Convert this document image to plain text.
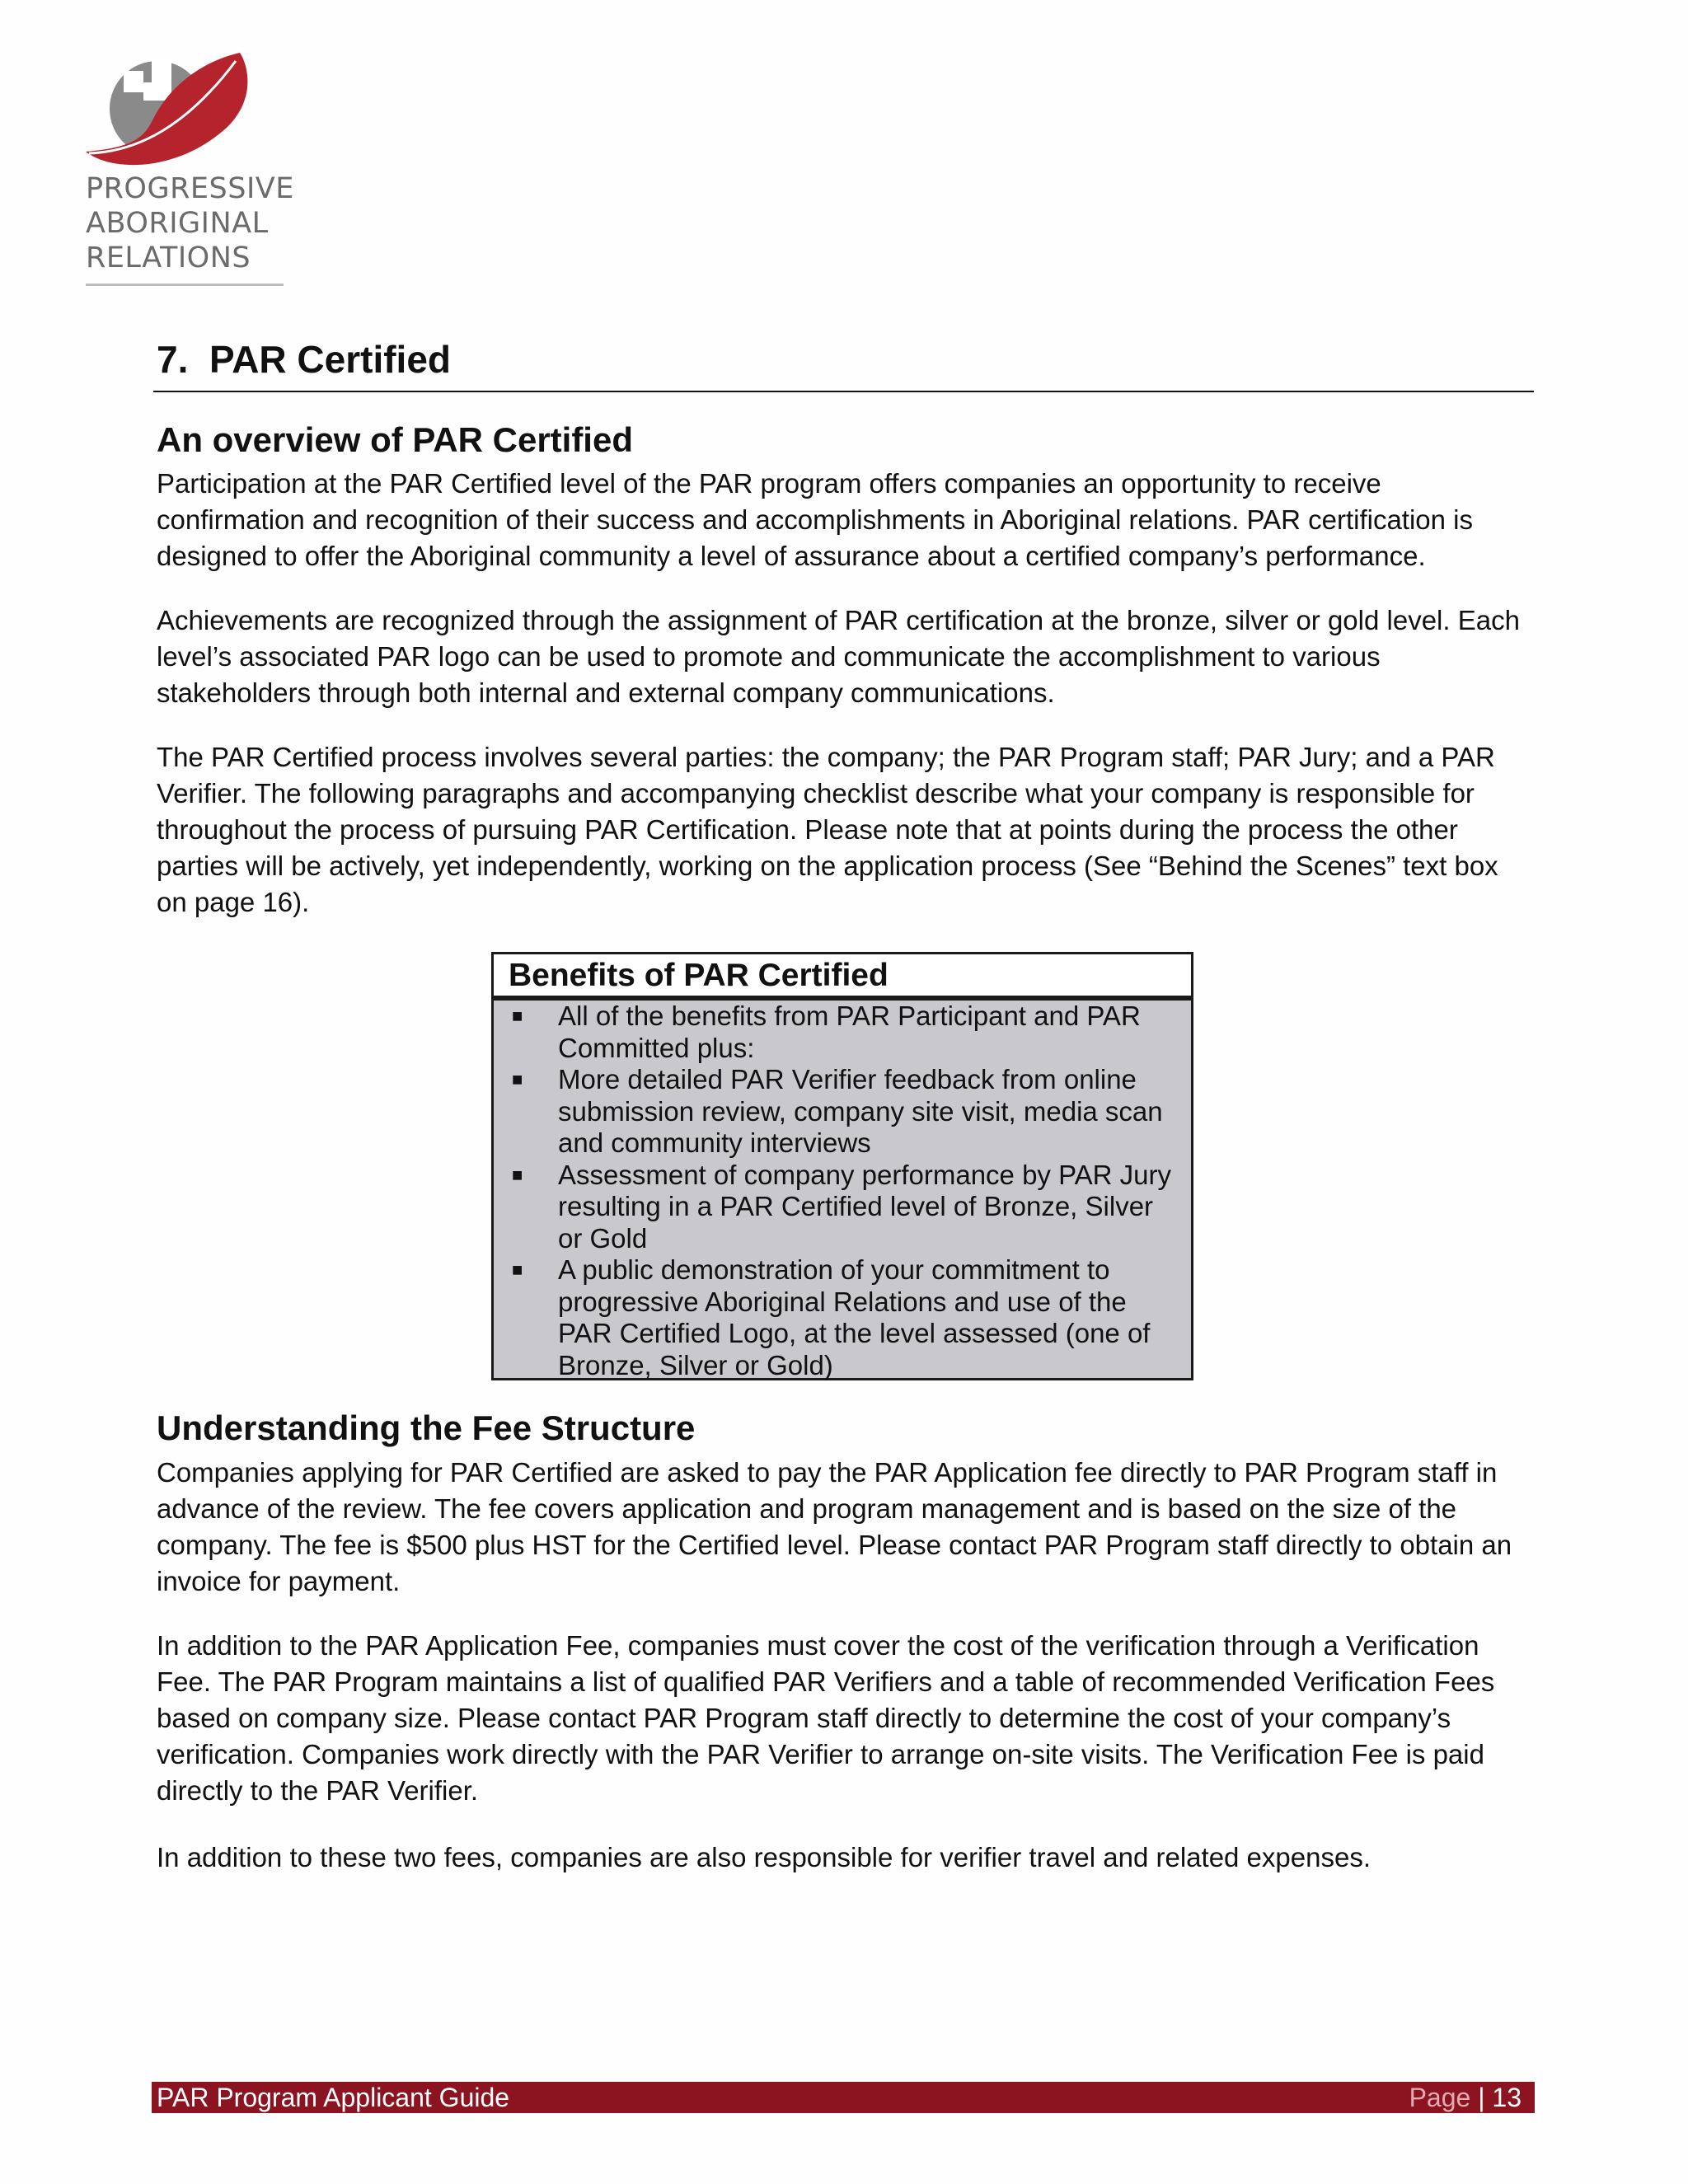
PROGRESSIVE
ABORIGINAL
RELATIONS
7. PAR Certified
An overview of PAR Certified

Participation at the PAR Certified level of the PAR program offers companies an opportunity to receive confirmation and recognition of their success and accomplishments in Aboriginal relations. PAR certification is designed to offer the Aboriginal community a level of assurance about a certified company’s performance.

Achievements are recognized through the assignment of PAR certification at the bronze, silver or gold level. Each level’s associated PAR logo can be used to promote and communicate the accomplishment to various stakeholders through both internal and external company communications.

The PAR Certified process involves several parties: the company; the PAR Program staff; PAR Jury; and a PAR Verifier. The following paragraphs and accompanying checklist describe what your company is responsible for throughout the process of pursuing PAR Certification. Please note that at points during the process the other parties will be actively, yet independently, working on the application process (See “Behind the Scenes” text box on page 16).

Benefits of PAR Certified
■ All of the benefits from PAR Participant and PAR Committed plus:
■ More detailed PAR Verifier feedback from online submission review, company site visit, media scan and community interviews
■ Assessment of company performance by PAR Jury resulting in a PAR Certified level of Bronze, Silver or Gold
■ A public demonstration of your commitment to progressive Aboriginal Relations and use of the PAR Certified Logo, at the level assessed (one of Bronze, Silver or Gold)
Understanding the Fee Structure

Companies applying for PAR Certified are asked to pay the PAR Application fee directly to PAR Program staff in advance of the review. The fee covers application and program management and is based on the size of the company. The fee is $500 plus HST for the Certified level. Please contact PAR Program staff directly to obtain an invoice for payment.

In addition to the PAR Application Fee, companies must cover the cost of the verification through a Verification Fee. The PAR Program maintains a list of qualified PAR Verifiers and a table of recommended Verification Fees based on company size. Please contact PAR Program staff directly to determine the cost of your company’s verification. Companies work directly with the PAR Verifier to arrange on-site visits. The Verification Fee is paid directly to the PAR Verifier.

In addition to these two fees, companies are also responsible for verifier travel and related expenses.

PAR Program Applicant Guide	Page | 13
